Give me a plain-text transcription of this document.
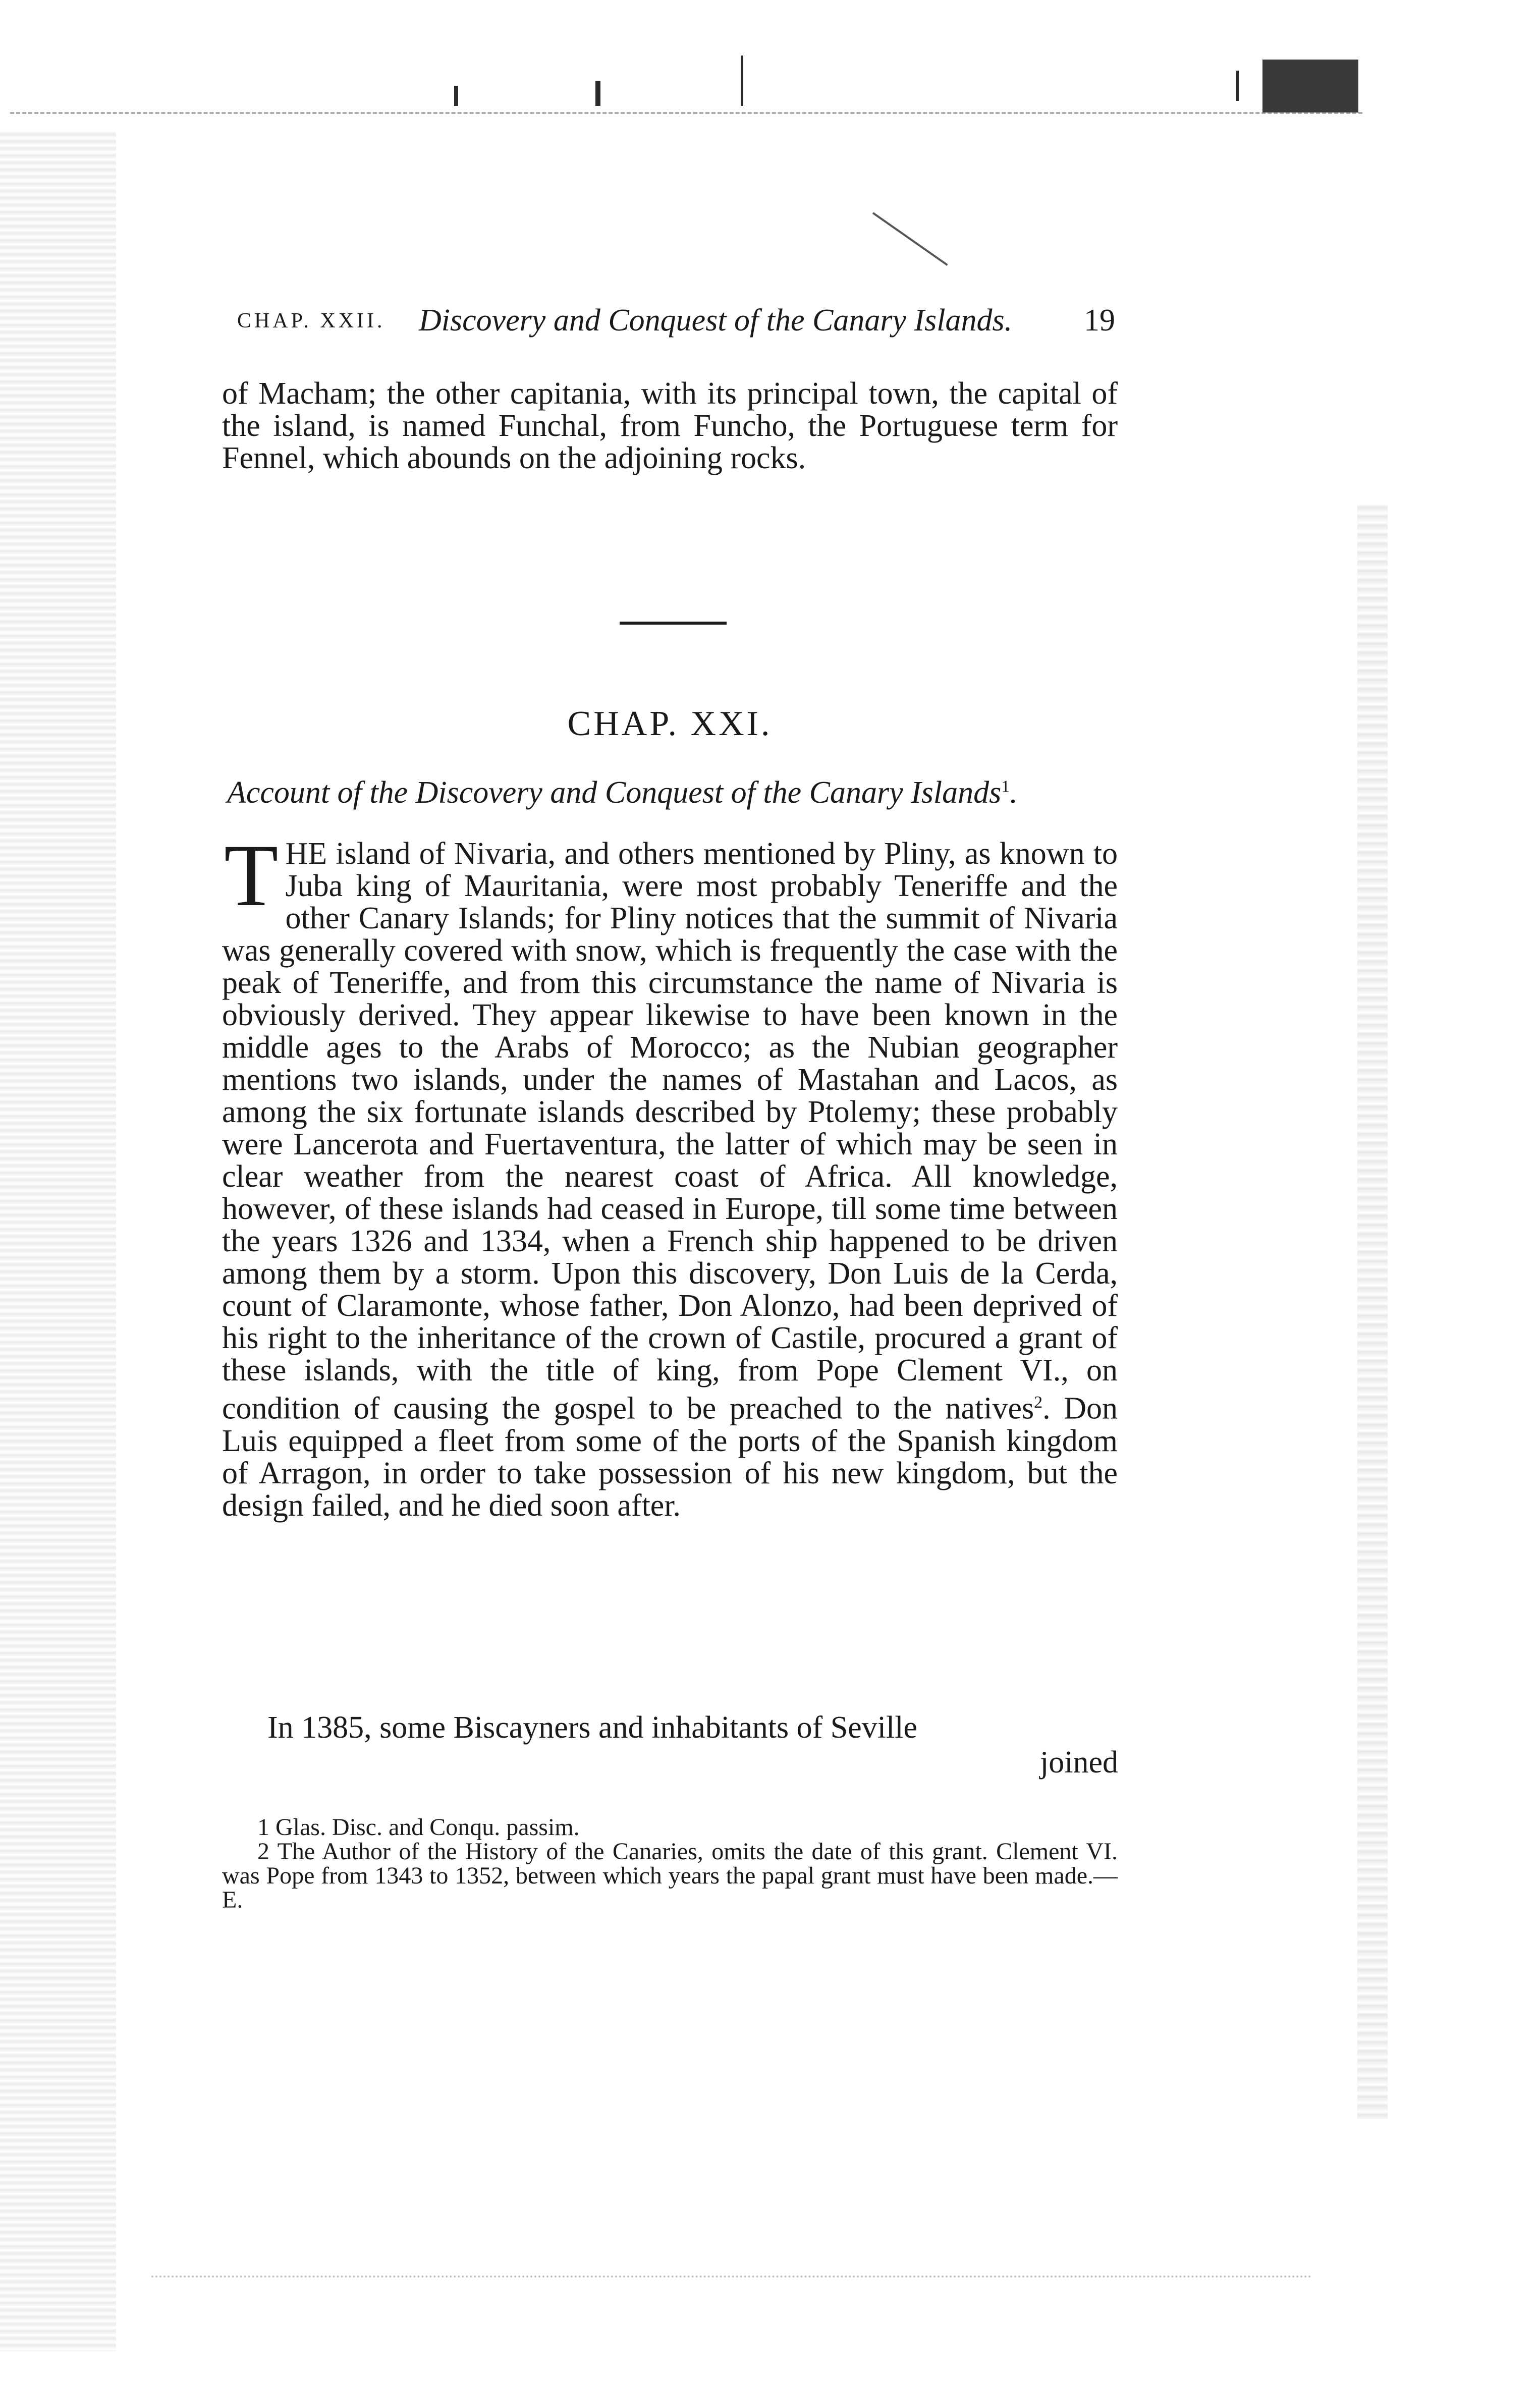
CHAP. XXII. Discovery and Conquest of the Canary Islands. 19

of Macham; the other capitania, with its principal town, the capital of the island, is named Funchal, from Funcho, the Portuguese term for Fennel, which abounds on the adjoining rocks.

CHAP. XXI.
Account of the Discovery and Conquest of the Canary Islands$^1$.
THE island of Nivaria, and others mentioned by Pliny, as known to Juba king of Mauritania, were most probably Teneriffe and the other Canary Islands; for Pliny notices that the summit of Nivaria was generally covered with snow, which is frequently the case with the peak of Teneriffe, and from this circumstance the name of Nivaria is obviously derived. They appear likewise to have been known in the middle ages to the Arabs of Morocco; as the Nubian geographer mentions two islands, under the names of Mastahan and Lacos, as among the six fortunate islands described by Ptolemy; these probably were Lancerota and Fuertaventura, the latter of which may be seen in clear weather from the nearest coast of Africa. All knowledge, however, of these islands had ceased in Europe, till some time between the years 1326 and 1334, when a French ship happened to be driven among them by a storm. Upon this discovery, Don Luis de la Cerda, count of Claramonte, whose father, Don Alonzo, had been deprived of his right to the inheritance of the crown of Castile, procured a grant of these islands, with the title of king, from Pope Clement VI., on condition of causing the gospel to be preached to the natives$^2$. Don Luis equipped a fleet from some of the ports of the Spanish kingdom of Arragon, in order to take possession of his new kingdom, but the design failed, and he died soon after.

In 1385, some Biscayners and inhabitants of Seville

joined

1 Glas. Disc. and Conqu. passim.

2 The Author of the History of the Canaries, omits the date of this grant. Clement VI. was Pope from 1343 to 1352, between which years the papal grant must have been made.—E.
